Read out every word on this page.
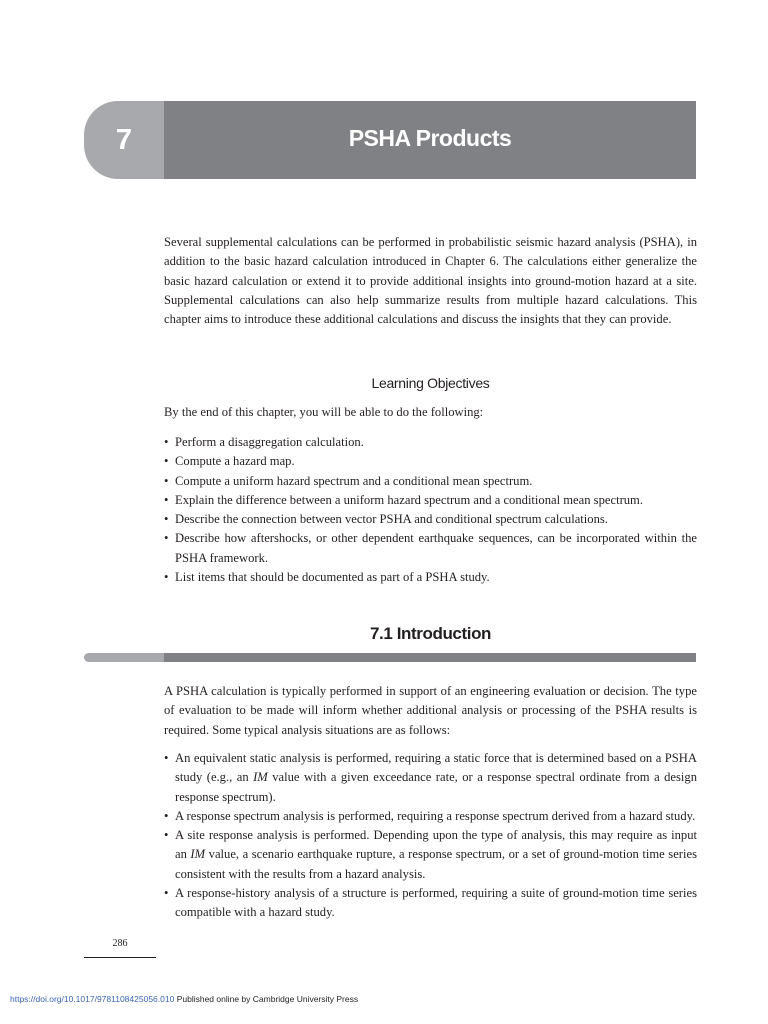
7	PSHA Products

Several supplemental calculations can be performed in probabilistic seismic hazard analysis (PSHA), in addition to the basic hazard calculation introduced in Chapter 6. The calculations either generalize the basic hazard calculation or extend it to provide additional insights into ground-motion hazard at a site. Supplemental calculations can also help summarize results from multiple hazard calculations. This chapter aims to introduce these additional calculations and discuss the insights that they can provide.

Learning Objectives

By the end of this chapter, you will be able to do the following:

• Perform a disaggregation calculation.
• Compute a hazard map.
• Compute a uniform hazard spectrum and a conditional mean spectrum.
• Explain the difference between a uniform hazard spectrum and a conditional mean spectrum.
• Describe the connection between vector PSHA and conditional spectrum calculations.
• Describe how aftershocks, or other dependent earthquake sequences, can be incorporated within the PSHA framework.
• List items that should be documented as part of a PSHA study.
7.1 Introduction

A PSHA calculation is typically performed in support of an engineering evaluation or decision. The type of evaluation to be made will inform whether additional analysis or processing of the PSHA results is required. Some typical analysis situations are as follows:

• An equivalent static analysis is performed, requiring a static force that is determined based on a PSHA study (e.g., an IM value with a given exceedance rate, or a response spectral ordinate from a design response spectrum).
• A response spectrum analysis is performed, requiring a response spectrum derived from a hazard study.
• A site response analysis is performed. Depending upon the type of analysis, this may require as input an IM value, a scenario earthquake rupture, a response spectrum, or a set of ground-motion time series consistent with the results from a hazard analysis.
• A response-history analysis of a structure is performed, requiring a suite of ground-motion time series compatible with a hazard study.
286
https://doi.org/10.1017/9781108425056.010 Published online by Cambridge University Press
